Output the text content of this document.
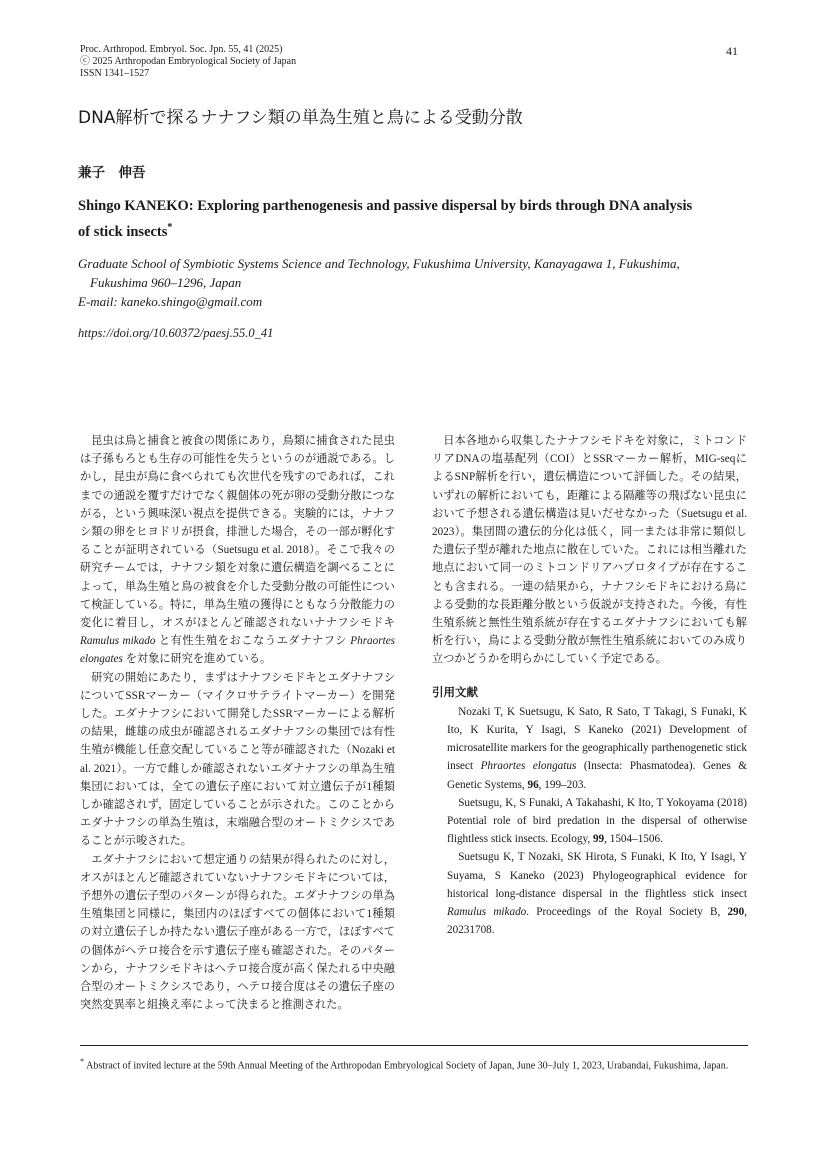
Proc. Arthropod. Embryol. Soc. Jpn. 55, 41 (2025)
ⓒ 2025 Arthropodan Embryological Society of Japan
ISSN 1341–1527
41
DNA解析で探るナナフシ類の単為生殖と鳥による受動分散
兼子　伸吾
Shingo KANEKO: Exploring parthenogenesis and passive dispersal by birds through DNA analysis
of stick insects*
Graduate School of Symbiotic Systems Science and Technology, Fukushima University, Kanayagawa 1, Fukushima,
Fukushima 960–1296, Japan
E-mail: kaneko.shingo@gmail.com
https://doi.org/10.60372/paesj.55.0_41

昆虫は鳥と捕食と被食の関係にあり，鳥類に捕食された昆虫は子孫もろとも生存の可能性を失うというのが通説である。しかし，昆虫が鳥に食べられても次世代を残すのであれば，これまでの通説を覆すだけでなく親個体の死が卵の受動分散につながる，という興味深い視点を提供できる。実験的には，ナナフシ類の卵をヒヨドリが摂食，排泄した場合，その一部が孵化することが証明されている（Suetsugu et al. 2018）。そこで我々の研究チームでは，ナナフシ類を対象に遺伝構造を調べることによって，単為生殖と鳥の被食を介した受動分散の可能性について検証している。特に，単為生殖の獲得にともなう分散能力の変化に着目し，オスがほとんど確認されないナナフシモドキ Ramulus mikado と有性生殖をおこなうエダナナフシ Phraortes elongates を対象に研究を進めている。

研究の開始にあたり，まずはナナフシモドキとエダナナフシについてSSRマーカー（マイクロサテライトマーカー）を開発した。エダナナフシにおいて開発したSSRマーカーによる解析の結果，雌雄の成虫が確認されるエダナナフシの集団では有性生殖が機能し任意交配していること等が確認された（Nozaki et al. 2021）。一方で雌しか確認されないエダナナフシの単為生殖集団においては，全ての遺伝子座において対立遺伝子が1種類しか確認されず，固定していることが示された。このことからエダナナフシの単為生殖は，末端融合型のオートミクシスであることが示唆された。

エダナナフシにおいて想定通りの結果が得られたのに対し，オスがほとんど確認されていないナナフシモドキについては，予想外の遺伝子型のパターンが得られた。エダナナフシの単為生殖集団と同様に，集団内のほぼすべての個体において1種類の対立遺伝子しか持たない遺伝子座がある一方で，ほぼすべての個体がヘテロ接合を示す遺伝子座も確認された。そのパターンから，ナナフシモドキはヘテロ接合度が高く保たれる中央融合型のオートミクシスであり，ヘテロ接合度はその遺伝子座の突然変異率と組換え率によって決まると推測された。

日本各地から収集したナナフシモドキを対象に，ミトコンドリアDNAの塩基配列（COI）とSSRマーカー解析，MIG-seqによるSNP解析を行い，遺伝構造について評価した。その結果，いずれの解析においても，距離による隔離等の飛ばない昆虫において予想される遺伝構造は見いだせなかった（Suetsugu et al. 2023）。集団間の遺伝的分化は低く，同一または非常に類似した遺伝子型が離れた地点に散在していた。これには相当離れた地点において同一のミトコンドリアハプロタイプが存在することも含まれる。一連の結果から，ナナフシモドキにおける鳥による受動的な長距離分散という仮説が支持された。今後，有性生殖系統と無性生殖系統が存在するエダナナフシにおいても解析を行い，鳥による受動分散が無性生殖系統においてのみ成り立つかどうかを明らかにしていく予定である。

引用文献

Nozaki T, K Suetsugu, K Sato, R Sato, T Takagi, S Funaki, K Ito, K Kurita, Y Isagi, S Kaneko (2021) Development of microsatellite markers for the geographically parthenogenetic stick insect Phraortes elongatus (Insecta: Phasmatodea). Genes & Genetic Systems, 96, 199–203.

Suetsugu, K, S Funaki, A Takahashi, K Ito, T Yokoyama (2018) Potential role of bird predation in the dispersal of otherwise flightless stick insects. Ecology, 99, 1504–1506.

Suetsugu K, T Nozaki, SK Hirota, S Funaki, K Ito, Y Isagi, Y Suyama, S Kaneko (2023) Phylogeographical evidence for historical long-distance dispersal in the flightless stick insect Ramulus mikado. Proceedings of the Royal Society B, 290, 20231708.

* Abstract of invited lecture at the 59th Annual Meeting of the Arthropodan Embryological Society of Japan, June 30–July 1, 2023, Urabandai, Fukushima, Japan.
